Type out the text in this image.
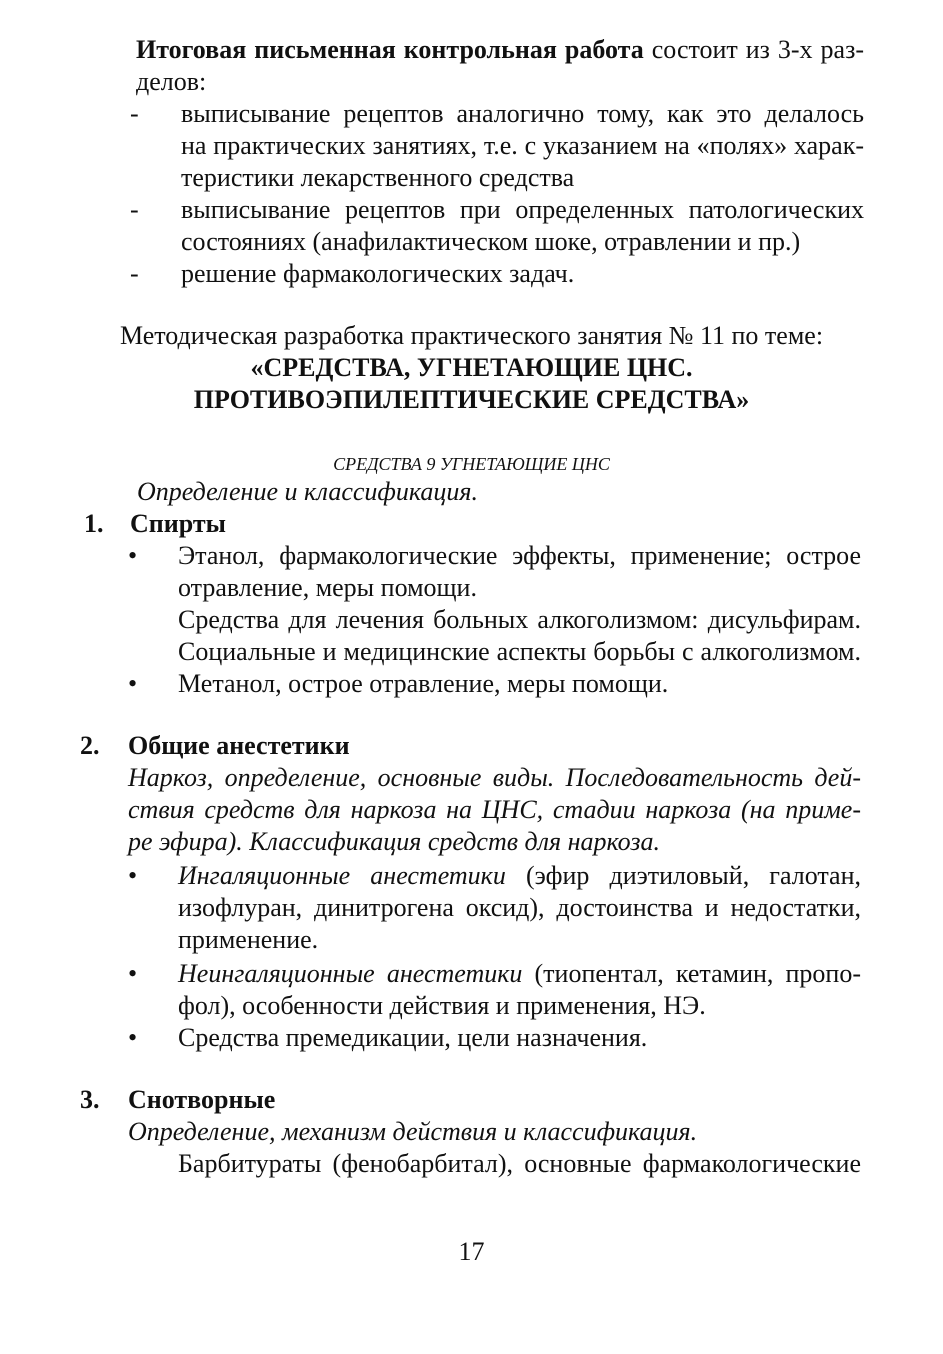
Итоговая письменная контрольная работа состоит из 3-х раз-
делов:
- выписывание рецептов аналогично тому, как это делалось
на практических занятиях, т.е. с указанием на «полях» харак-
теристики лекарственного средства
- выписывание рецептов при определенных патологических
состояниях (анафилактическом шоке, отравлении и пр.)
- решение фармакологических задач.
Методическая разработка практического занятия № 11 по теме:
«СРЕДСТВА, УГНЕТАЮЩИЕ ЦНС.
ПРОТИВОЭПИЛЕПТИЧЕСКИЕ СРЕДСТВА»
СРЕДСТВА 9 УГНЕТАЮЩИЕ ЦНС
Определение и классификация.
1. Спирты
• Этанол, фармакологические эффекты, применение; острое
отравление, меры помощи.
Средства для лечения больных алкоголизмом: дисульфирам.
Социальные и медицинские аспекты борьбы с алкоголизмом.
• Метанол, острое отравление, меры помощи.
2. Общие анестетики
Наркоз, определение, основные виды. Последовательность дей-
ствия средств для наркоза на ЦНС, стадии наркоза (на приме-
ре эфира). Классификация средств для наркоза.
• Ингаляционные анестетики (эфир диэтиловый, галотан,
изофлуран, динитрогена оксид), достоинства и недостатки,
применение.
• Неингаляционные анестетики (тиопентал, кетамин, пропо-
фол), особенности действия и применения, НЭ.
• Средства премедикации, цели назначения.
3. Снотворные
Определение, механизм действия и классификация.
Барбитураты (фенобарбитал), основные фармакологические
17
